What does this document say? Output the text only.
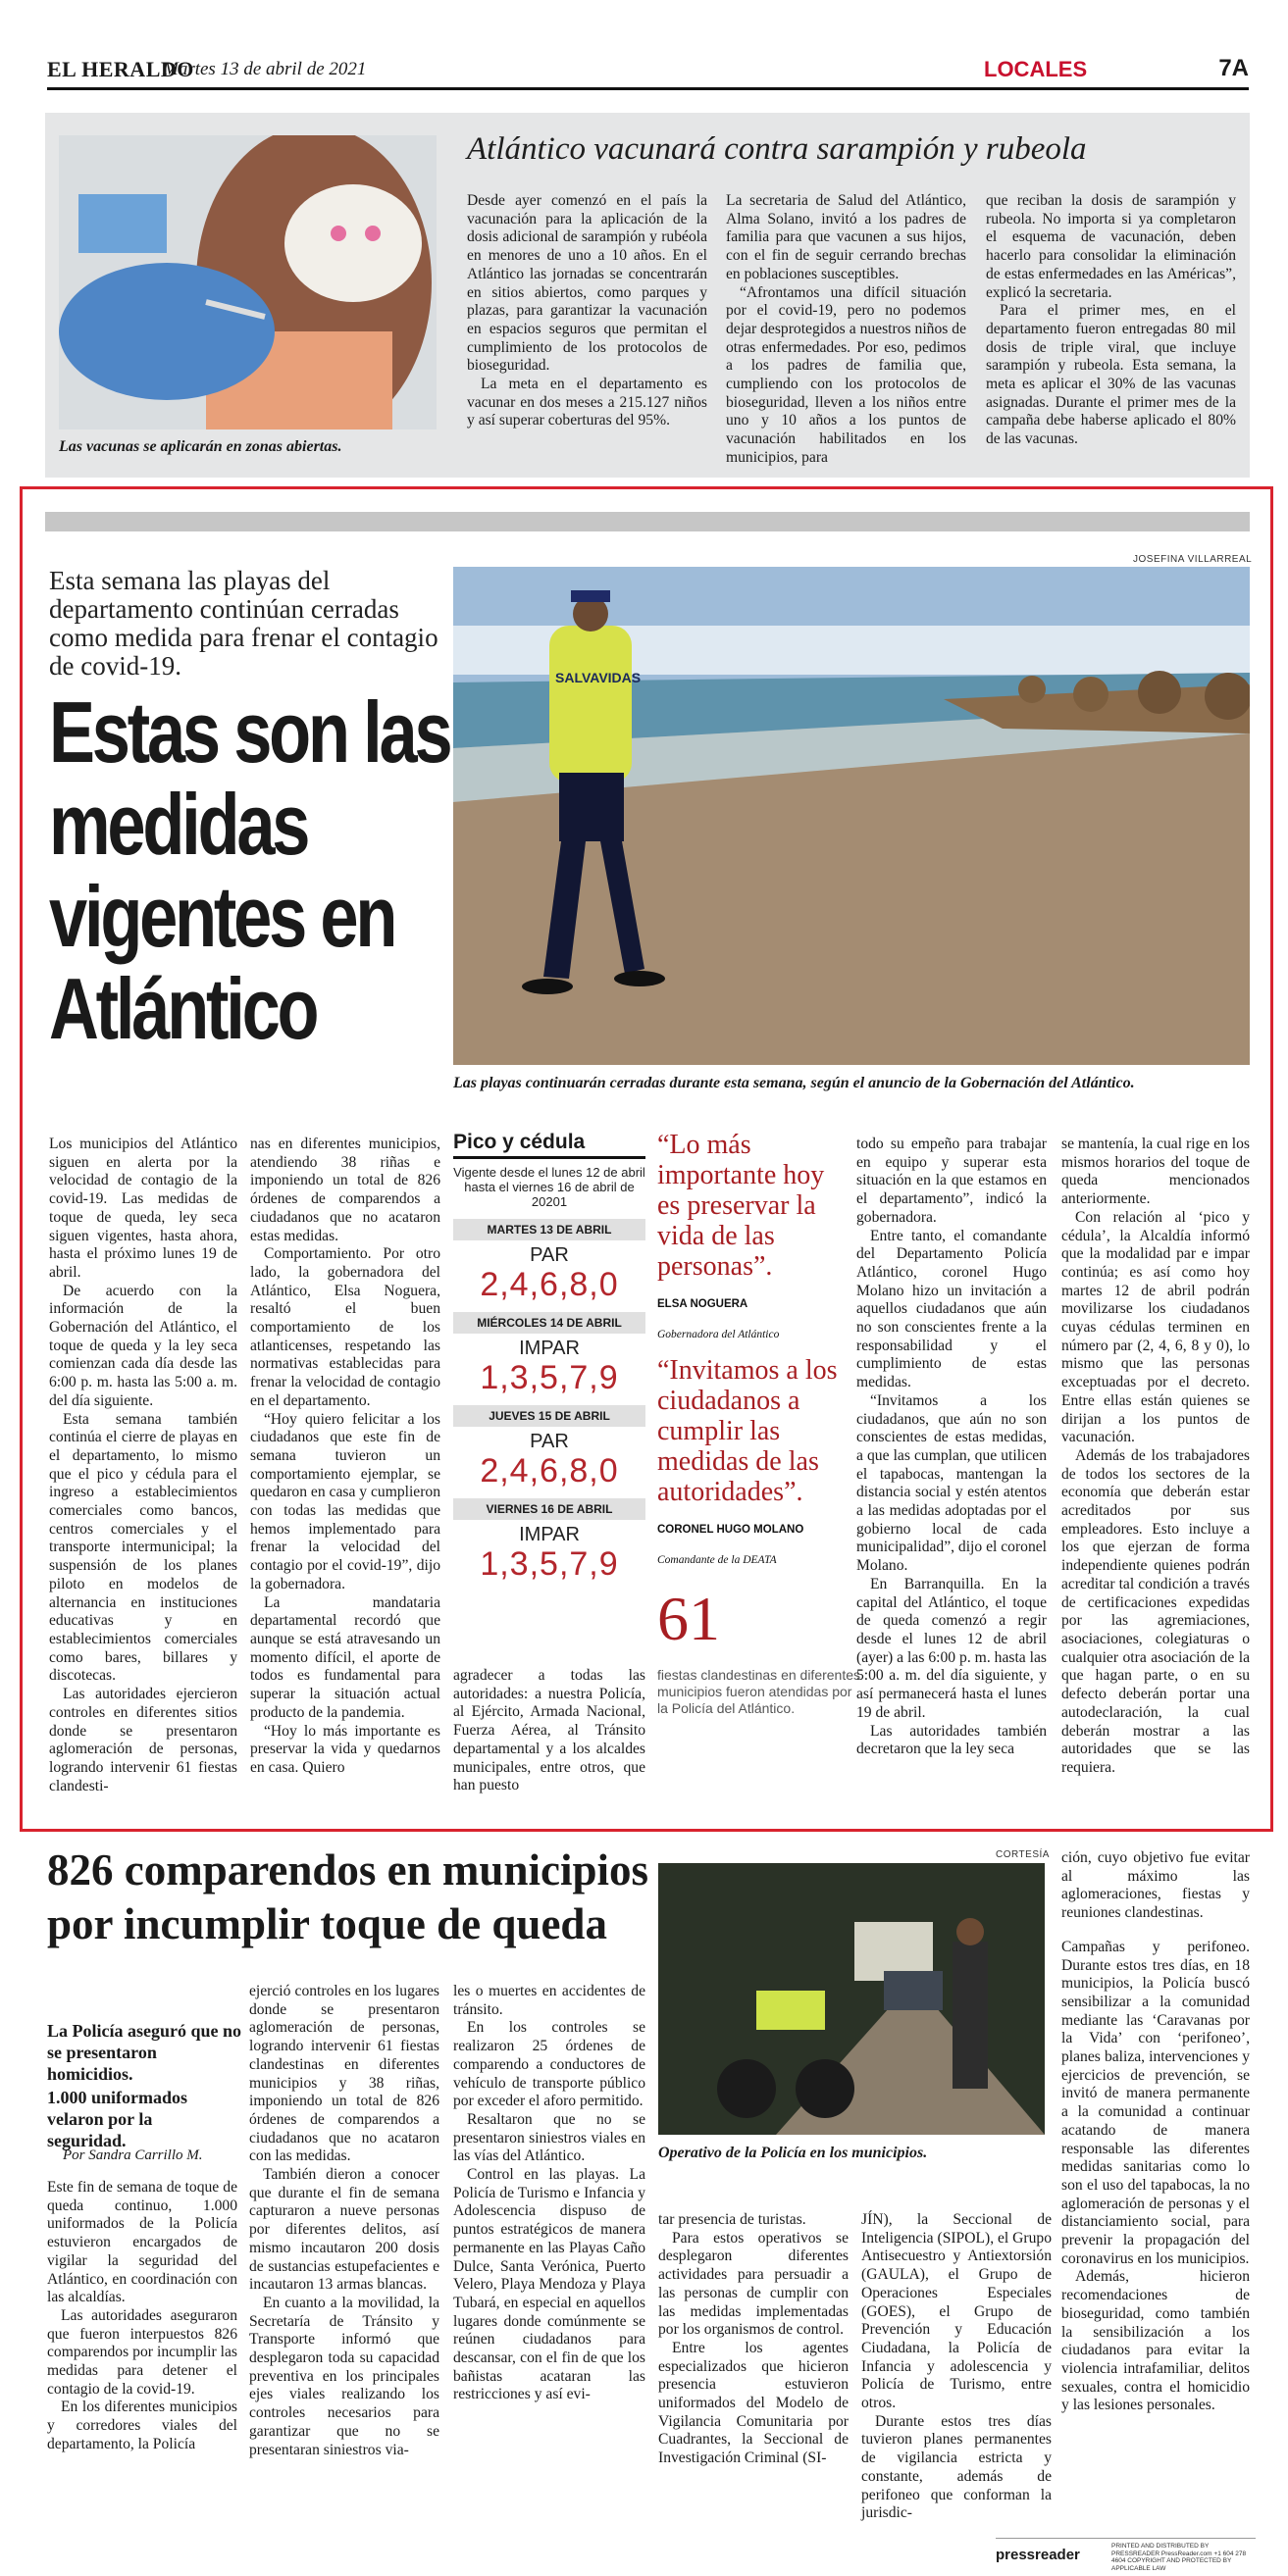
EL HERALDO
Martes 13 de abril de 2021	LOCALES	7A
Las vacunas se aplicarán en zonas abiertas.
Atlántico vacunará contra sarampión y rubeola

Desde ayer comenzó en el país la vacunación para la aplicación de la dosis adicional de sarampión y rubéola en menores de uno a 10 años. En el Atlántico las jornadas se concentrarán en sitios abiertos, como parques y plazas, para garantizar la vacunación en espacios seguros que permitan el cumplimiento de los protocolos de bioseguridad.

La meta en el departamento es vacunar en dos meses a 215.127 niños y así superar coberturas del 95%.

La secretaria de Salud del Atlántico, Alma Solano, invitó a los padres de familia para que vacunen a sus hijos, con el fin de seguir cerrando brechas en poblaciones susceptibles.

“Afrontamos una difícil situación por el covid-19, pero no podemos dejar desprotegidos a nuestros niños de otras enfermedades. Por eso, pedimos a los padres de familia que, cumpliendo con los protocolos de bioseguridad, lleven a los niños entre uno y 10 años a los puntos de vacunación habilitados en los municipios, para

que reciban la dosis de sarampión y rubeola. No importa si ya completaron el esquema de vacunación, deben hacerlo para consolidar la eliminación de estas enfermedades en las Américas”, explicó la secretaria.

Para el primer mes, en el departamento fueron entregadas 80 mil dosis de triple viral, que incluye sarampión y rubeola. Esta semana, la meta es aplicar el 30% de las vacunas asignadas. Durante el primer mes de la campaña debe haberse aplicado el 80% de las vacunas.

JOSEFINA VILLARREAL
Esta semana las playas del departamento continúan cerradas como medida para frenar el contagio de covid-19.
Estas son las medidas vigentes en Atlántico
SALVAVIDAS
Las playas continuarán cerradas durante esta semana, según el anuncio de la Gobernación del Atlántico.

Los municipios del Atlántico siguen en alerta por la velocidad de contagio de la covid-19. Las medidas de toque de queda, ley seca siguen vigentes, hasta ahora, hasta el próximo lunes 19 de abril.

De acuerdo con la información de la Gobernación del Atlántico, el toque de queda y la ley seca comienzan cada día desde las 6:00 p. m. hasta las 5:00 a. m. del día siguiente.

Esta semana también continúa el cierre de playas en el departamento, lo mismo que el pico y cédula para el ingreso a establecimientos comerciales como bancos, centros comerciales y el transporte intermunicipal; la suspensión de los planes piloto en modelos de alternancia en instituciones educativas y en establecimientos comerciales como bares, billares y discotecas.

Las autoridades ejercieron controles en diferentes sitios donde se presentaron aglomeración de personas, logrando intervenir 61 fiestas clandesti-

nas en diferentes municipios, atendiendo 38 riñas e imponiendo un total de 826 órdenes de comparendos a ciudadanos que no acataron estas medidas.

Comportamiento. Por otro lado, la gobernadora del Atlántico, Elsa Noguera, resaltó el buen comportamiento de los atlanticenses, respetando las normativas establecidas para frenar la velocidad de contagio en el departamento.

“Hoy quiero felicitar a los ciudadanos que este fin de semana tuvieron un comportamiento ejemplar, se quedaron en casa y cumplieron con todas las medidas que hemos implementado para frenar la velocidad del contagio por el covid-19”, dijo la gobernadora.

La mandataria departamental recordó que aunque se está atravesando un momento difícil, el aporte de todos es fundamental para superar la situación actual producto de la pandemia.

“Hoy lo más importante es preservar la vida y quedarnos en casa. Quiero

Pico y cédula
Vigente desde el lunes 12 de abril hasta el viernes 16 de abril de 20201
MARTES 13 DE ABRIL
PAR
2,4,6,8,0
MIÉRCOLES 14 DE ABRIL
IMPAR
1,3,5,7,9
JUEVES 15 DE ABRIL
PAR
2,4,6,8,0
VIERNES 16 DE ABRIL
IMPAR
1,3,5,7,9

agradecer a todas las autoridades: a nuestra Policía, al Ejército, Armada Nacional, Fuerza Aérea, al Tránsito departamental y a los alcaldes municipales, entre otros, que han puesto

“Lo más importante hoy es preservar la vida de las personas”.
ELSA NOGUERA
Gobernadora del Atlántico
“Invitamos a los ciudadanos a cumplir las medidas de las autoridades”.
CORONEL HUGO MOLANO
Comandante de la DEATA
61
fiestas clandestinas en diferentes municipios fueron atendidas por la Policía del Atlántico.

todo su empeño para trabajar en equipo y superar esta situación en la que estamos en el departamento”, indicó la gobernadora.

Entre tanto, el comandante del Departamento Policía Atlántico, coronel Hugo Molano hizo un invitación a aquellos ciudadanos que aún no son conscientes frente a la responsabilidad y el cumplimiento de estas medidas.

“Invitamos a los ciudadanos, que aún no son conscientes de estas medidas, a que las cumplan, que utilicen el tapabocas, mantengan la distancia social y estén atentos a las medidas adoptadas por el gobierno local de cada municipalidad”, dijo el coronel Molano.

En Barranquilla. En la capital del Atlántico, el toque de queda comenzó a regir desde el lunes 12 de abril (ayer) a las 6:00 p. m. hasta las 5:00 a. m. del día siguiente, y así permanecerá hasta el lunes 19 de abril.

Las autoridades también decretaron que la ley seca

se mantenía, la cual rige en los mismos horarios del toque de queda mencionados anteriormente.

Con relación al ‘pico y cédula’, la Alcaldía informó que la modalidad par e impar continúa; es así como hoy martes 12 de abril podrán movilizarse los ciudadanos cuyas cédulas terminen en número par (2, 4, 6, 8 y 0), lo mismo que las personas exceptuadas por el decreto. Entre ellas están quienes se dirijan a los puntos de vacunación.

Además de los trabajadores de todos los sectores de la economía que deberán estar acreditados por sus empleadores. Esto incluye a los que ejerzan de forma independiente quienes podrán acreditar tal condición a través de certificaciones expedidas por las agremiaciones, asociaciones, colegiaturas o cualquier otra asociación de la que hagan parte, o en su defecto deberán portar una autodeclaración, la cual deberán mostrar a las autoridades que se las requiera.

826 comparendos en municipios por incumplir toque de queda
La Policía aseguró que no se presentaron homicidios.
1.000 uniformados velaron por la seguridad.
Por Sandra Carrillo M.
CORTESÍA
Operativo de la Policía en los municipios.

Este fin de semana de toque de queda continuo, 1.000 uniformados de la Policía estuvieron encargados de vigilar la seguridad del Atlántico, en coordinación con las alcaldías.

Las autoridades aseguraron que fueron interpuestos 826 comparendos por incumplir las medidas para detener el contagio de la covid-19.

En los diferentes municipios y corredores viales del departamento, la Policía

ejerció controles en los lugares donde se presentaron aglomeración de personas, logrando intervenir 61 fiestas clandestinas en diferentes municipios y 38 riñas, imponiendo un total de 826 órdenes de comparendos a ciudadanos que no acataron con las medidas.

También dieron a conocer que durante el fin de semana capturaron a nueve personas por diferentes delitos, así mismo incautaron 200 dosis de sustancias estupefacientes e incautaron 13 armas blancas.

En cuanto a la movilidad, la Secretaría de Tránsito y Transporte informó que desplegaron toda su capacidad preventiva en los principales ejes viales realizando los controles necesarios para garantizar que no se presentaran siniestros via-

les o muertes en accidentes de tránsito.

En los controles se realizaron 25 órdenes de comparendo a conductores de vehículo de transporte público por exceder el aforo permitido.

Resaltaron que no se presentaron siniestros viales en las vías del Atlántico.

Control en las playas. La Policía de Turismo e Infancia y Adolescencia dispuso de puntos estratégicos de manera permanente en las Playas Caño Dulce, Santa Verónica, Puerto Velero, Playa Mendoza y Playa Tubará, en especial en aquellos lugares donde comúnmente se reúnen ciudadanos para descansar, con el fin de que los bañistas acataran las restricciones y así evi-

tar presencia de turistas.

Para estos operativos se desplegaron diferentes actividades para persuadir a las personas de cumplir con las medidas implementadas por los organismos de control.

Entre los agentes especializados que hicieron presencia estuvieron uniformados del Modelo de Vigilancia Comunitaria por Cuadrantes, la Seccional de Investigación Criminal (SI-

JÍN), la Seccional de Inteligencia (SIPOL), el Grupo Antisecuestro y Antiextorsión (GAULA), el Grupo de Operaciones Especiales (GOES), el Grupo de Prevención y Educación Ciudadana, la Policía de Infancia y adolescencia y Policía de Turismo, entre otros.

Durante estos tres días tuvieron planes permanentes de vigilancia estricta y constante, además de perifoneo que conforman la jurisdic-

ción, cuyo objetivo fue evitar al máximo las aglomeraciones, fiestas y reuniones clandestinas.

Campañas y perifoneo. Durante estos tres días, en 18 municipios, la Policía buscó sensibilizar a la comunidad mediante las ‘Caravanas por la Vida’ con ‘perifoneo’, planes baliza, intervenciones y ejercicios de prevención, se invitó de manera permanente a la comunidad a continuar acatando de manera responsable las diferentes medidas sanitarias como lo son el uso del tapabocas, la no aglomeración de personas y el distanciamiento social, para prevenir la propagación del coronavirus en los municipios.

Además, hicieron recomendaciones de bioseguridad, como también la sensibilización a los ciudadanos para evitar la violencia intrafamiliar, delitos sexuales, contra el homicidio y las lesiones personales.

pressreader
PRINTED AND DISTRIBUTED BY PRESSREADER PressReader.com +1 604 278 4604 COPYRIGHT AND PROTECTED BY APPLICABLE LAW
